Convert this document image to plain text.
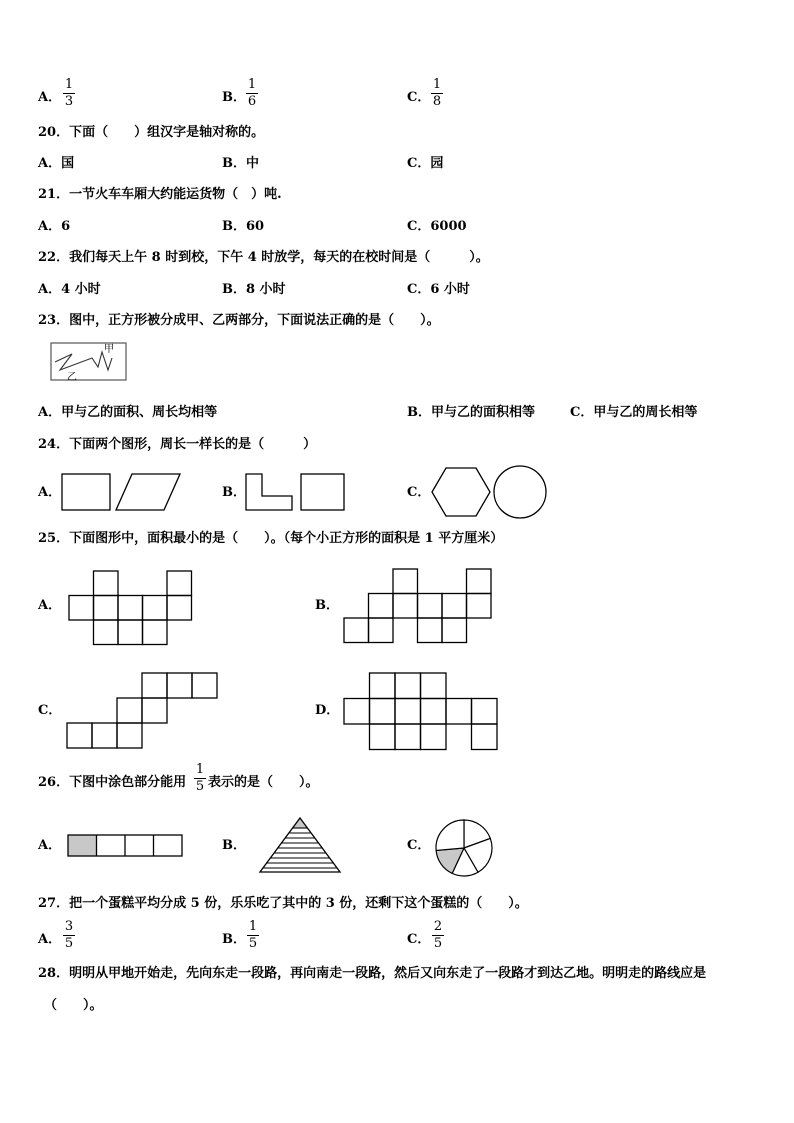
A．
1
3	B．
1
6	C．
1
8
20．下面（　　）组汉字是轴对称的。
A．国	B．中	C．园
21．一节火车车厢大约能运货物（　）吨.
A．6	B．60	C．6000
22．我们每天上午 8 时到校，下午 4 时放学，每天的在校时间是（　　　）。
A．4 小时	B．8 小时	C．6 小时
23．图中，正方形被分成甲、乙两部分，下面说法正确的是（　　）。
甲
乙
A．甲与乙的面积、周长均相等	B．甲与乙的面积相等	C．甲与乙的周长相等
24．下面两个图形，周长一样长的是（　　　）
A．	B．	C．
25．下面图形中，面积最小的是（　　）。（每个小正方形的面积是 1 平方厘米）
A．	B．
C．	D．
26．下图中涂色部分能用
1
5 表示的是（　　）。
A．	B．	C．
27．把一个蛋糕平均分成 5 份，乐乐吃了其中的 3 份，还剩下这个蛋糕的（　　）。
A．
3
5	B．
1
5	C．
2
5
28．明明从甲地开始走，先向东走一段路，再向南走一段路，然后又向东走了一段路才到达乙地。明明走的路线应是
（　　）。
